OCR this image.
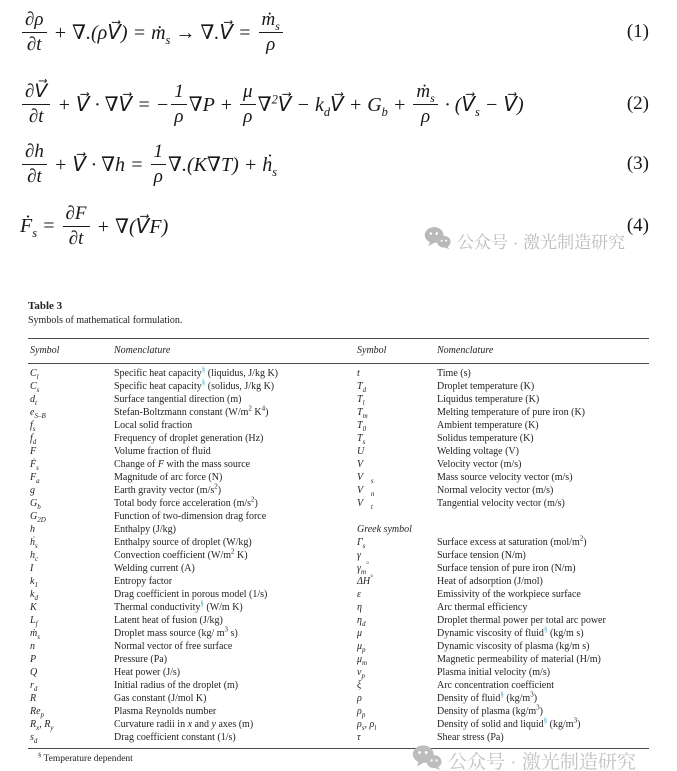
$\frac{\partial\rho}{\partial t}$ + ∇.(ρV⃗) = ṁ$_s$ → ∇.V⃗ = $\frac{ṁ_s}{\rho}$	(1)
$\frac{\partial V⃗}{\partial t}$ + V⃗ · ∇V⃗ = − $\frac{1}{\rho} \nabla P + \frac{\mu}{\rho}$ ∇$^2$V⃗ − $k_dV⃗ + G_b + \frac{ṁ_s}{\rho}$ · ($V⃗_s$ − V⃗)	(2)
$\frac{\partial h}{\partial t}$ + V⃗ · $\nabla h = \frac{1}{\rho} \nabla.(K\nabla T)$ + ḣ$_s$	(3)
Ḟ$_s$ = $\frac{\partial F}{\partial t}$ + ∇(V⃗F)	(4)
公众号 · 激光制造研究
Table 3
Symbols of mathematical formulation.
Symbol	Nomenclature	Symbol	Nomenclature
$C_l$	Specific heat capacity§ (liquidus, J/kg K)	t	Time (s)
$C_s$	Specific heat capacity§ (solidus, J/kg K)	$T_d$	Droplet temperature (K)
$d_t$	Surface tangential direction (m)	$T_l$	Liquidus temperature (K)
$e_{S-B}$	Stefan-Boltzmann constant ($W/m^2$ $K^4$)	$T_m$	Melting temperature of pure iron (K)
$f_s$	Local solid fraction	$T_0$	Ambient temperature (K)
$f_d$	Frequency of droplet generation (Hz)	$T_s$	Solidus temperature (K)
F	Volume fraction of fluid	U	Welding voltage (V)
Ḟ$_s$	Change of F with the mass source	V⃗	Velocity vector (m/s)
$F_a$	Magnitude of arc force (N)	$V⃗_s$	Mass source velocity vector (m/s)
g⃗	Earth gravity vector $(m/s^2)$	$V⃗_n$	Normal velocity vector (m/s)
$G_b$	Total body force acceleration $(m/s^2)$	$V⃗_t$	Tangential velocity vector (m/s)
$G_{2D}$	Function of two-dimension drag force
h	Enthalpy (J/kg)	Greek symbol
ḣ$_s$	Enthalpy source of droplet (W/kg)	$\Gamma_s$	Surface excess at saturation $(mol/m^2)$
$h_c$	Convection coefficient ($W/m^2$ K)	γ	Surface tension (N/m)
I	Welding current (A)	$\gamma_m^\circ$	Surface tension of pure iron (N/m)
$k_1$	Entropy factor	ΔH°	Heat of adsorption (J/mol)
$k_d$	Drag coefficient in porous model (1/s)	ε	Emissivity of the workpiece surface
K	Thermal conductivity§ (W/m K)	η	Arc thermal efficiency
$L_f$	Latent heat of fusion (J/kg)	$\eta_d$	Droplet thermal power per total arc power
ṁ$_s$	Droplet mass source (kg/ $m^3$ s)	μ	Dynamic viscosity of fluid§ (kg/m s)
n⃗	Normal vector of free surface	$\mu_p$	Dynamic viscosity of plasma (kg/m s)
P	Pressure (Pa)	$\mu_m$	Magnetic permeability of material (H/m)
Q	Heat power (J/s)	$\nu_p$	Plasma initial velocity (m/s)
$r_d$	Initial radius of the droplet (m)	ξ	Arc concentration coefficient
R	Gas constant (J/mol K)	ρ	Density of fluid§ $(kg/m^3)$
$Re_p$	Plasma Reynolds number	$\rho_p$	Density of plasma $(kg/m^3)$
$R_x$, $R_y$	Curvature radii in x and y axes (m)	$\rho_s$, $\rho_l$	Density of solid and liquid§ $(kg/m^3)$
$s_d$	Drag coefficient constant (1/s)	τ	Shear stress (Pa)
§ Temperature dependent	公众号 · 激光制造研究
